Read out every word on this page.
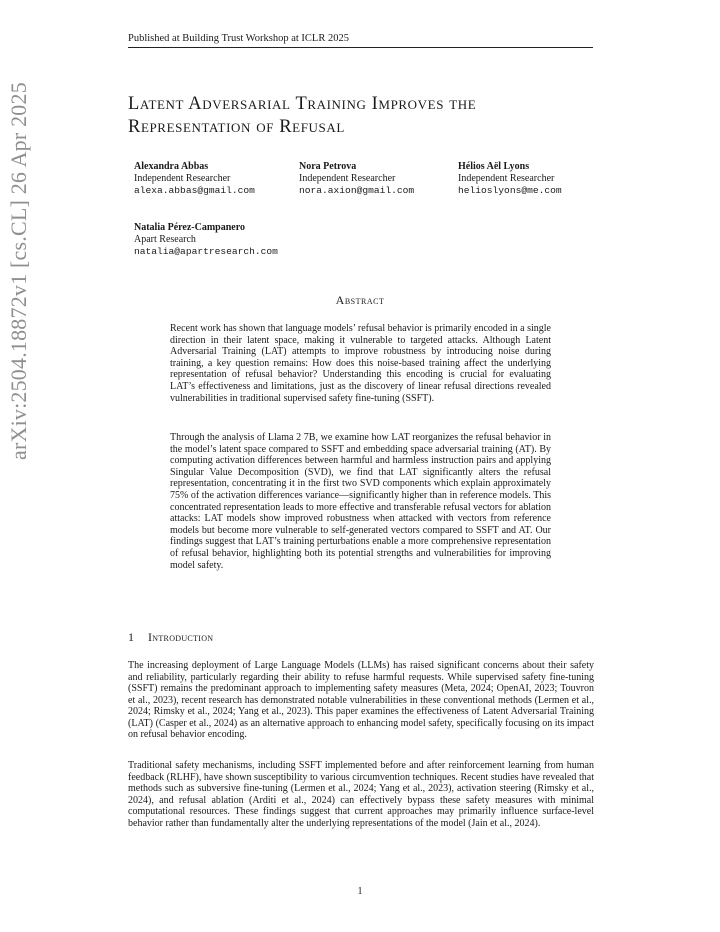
Published at Building Trust Workshop at ICLR 2025
arXiv:2504.18872v1 [cs.CL] 26 Apr 2025	Latent Adversarial Training Improves the
Representation of Refusal
Alexandra Abbas
Independent Researcher
alexa.abbas@gmail.com
Nora Petrova
Independent Researcher
nora.axion@gmail.com
Hélios Aël Lyons
Independent Researcher
helioslyons@me.com
Natalia Pérez-Campanero
Apart Research
natalia@apartresearch.com
Abstract

Recent work has shown that language models’ refusal behavior is primarily encoded in a single direction in their latent space, making it vulnerable to targeted attacks. Although Latent Adversarial Training (LAT) attempts to improve robustness by introducing noise during training, a key question remains: How does this noise-based training affect the underlying representation of refusal behavior? Understanding this encoding is crucial for evaluating LAT’s effectiveness and limitations, just as the discovery of linear refusal directions revealed vulnerabilities in traditional supervised safety fine-tuning (SSFT).

Through the analysis of Llama 2 7B, we examine how LAT reorganizes the refusal behavior in the model’s latent space compared to SSFT and embedding space adversarial training (AT). By computing activation differences between harmful and harmless instruction pairs and applying Singular Value Decomposition (SVD), we find that LAT significantly alters the refusal representation, concentrating it in the first two SVD components which explain approximately 75% of the activation differences variance—significantly higher than in reference models. This concentrated representation leads to more effective and transferable refusal vectors for ablation attacks: LAT models show improved robustness when attacked with vectors from reference models but become more vulnerable to self-generated vectors compared to SSFT and AT. Our findings suggest that LAT’s training perturbations enable a more comprehensive representation of refusal behavior, highlighting both its potential strengths and vulnerabilities for improving model safety.

1 Introduction

The increasing deployment of Large Language Models (LLMs) has raised significant concerns about their safety and reliability, particularly regarding their ability to refuse harmful requests. While supervised safety fine-tuning (SSFT) remains the predominant approach to implementing safety measures (Meta, 2024; OpenAI, 2023; Touvron et al., 2023), recent research has demonstrated notable vulnerabilities in these conventional methods (Lermen et al., 2024; Rimsky et al., 2024; Yang et al., 2023). This paper examines the effectiveness of Latent Adversarial Training (LAT) (Casper et al., 2024) as an alternative approach to enhancing model safety, specifically focusing on its impact on refusal behavior encoding.

Traditional safety mechanisms, including SSFT implemented before and after reinforcement learning from human feedback (RLHF), have shown susceptibility to various circumvention techniques. Recent studies have revealed that methods such as subversive fine-tuning (Lermen et al., 2024; Yang et al., 2023), activation steering (Rimsky et al., 2024), and refusal ablation (Arditi et al., 2024) can effectively bypass these safety measures with minimal computational resources. These findings suggest that current approaches may primarily influence surface-level behavior rather than fundamentally alter the underlying representations of the model (Jain et al., 2024).

1
